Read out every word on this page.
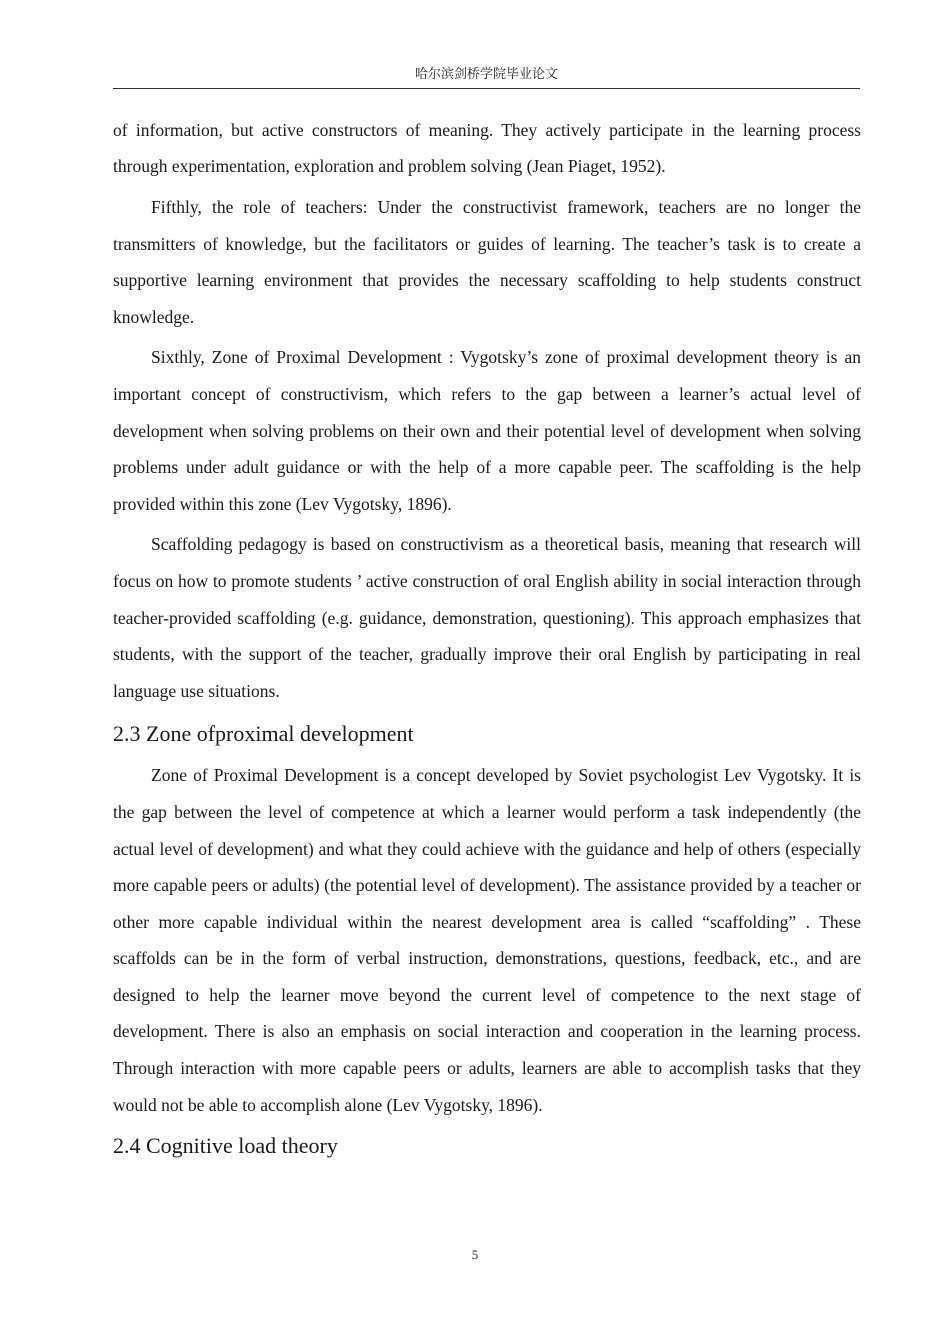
哈尔滨剑桥学院毕业论文

of information, but active constructors of meaning. They actively participate in the learning process through experimentation, exploration and problem solving (Jean Piaget, 1952).

Fifthly, the role of teachers: Under the constructivist framework, teachers are no longer the transmitters of knowledge, but the facilitators or guides of learning. The teacher’s task is to create a supportive learning environment that provides the necessary scaffolding to help students construct knowledge.

Sixthly, Zone of Proximal Development : Vygotsky’s zone of proximal development theory is an important concept of constructivism, which refers to the gap between a learner’s actual level of development when solving problems on their own and their potential level of development when solving problems under adult guidance or with the help of a more capable peer. The scaffolding is the help provided within this zone (Lev Vygotsky, 1896).

Scaffolding pedagogy is based on constructivism as a theoretical basis, meaning that research will focus on how to promote students ’ active construction of oral English ability in social interaction through teacher-provided scaffolding (e.g. guidance, demonstration, questioning). This approach emphasizes that students, with the support of the teacher, gradually improve their oral English by participating in real language use situations.

2.3 Zone ofproximal development

Zone of Proximal Development is a concept developed by Soviet psychologist Lev Vygotsky. It is the gap between the level of competence at which a learner would perform a task independently (the actual level of development) and what they could achieve with the guidance and help of others (especially more capable peers or adults) (the potential level of development). The assistance provided by a teacher or other more capable individual within the nearest development area is called “scaffolding” . These scaffolds can be in the form of verbal instruction, demonstrations, questions, feedback, etc., and are designed to help the learner move beyond the current level of competence to the next stage of development. There is also an emphasis on social interaction and cooperation in the learning process. Through interaction with more capable peers or adults, learners are able to accomplish tasks that they would not be able to accomplish alone (Lev Vygotsky, 1896).

2.4 Cognitive load theory
5
